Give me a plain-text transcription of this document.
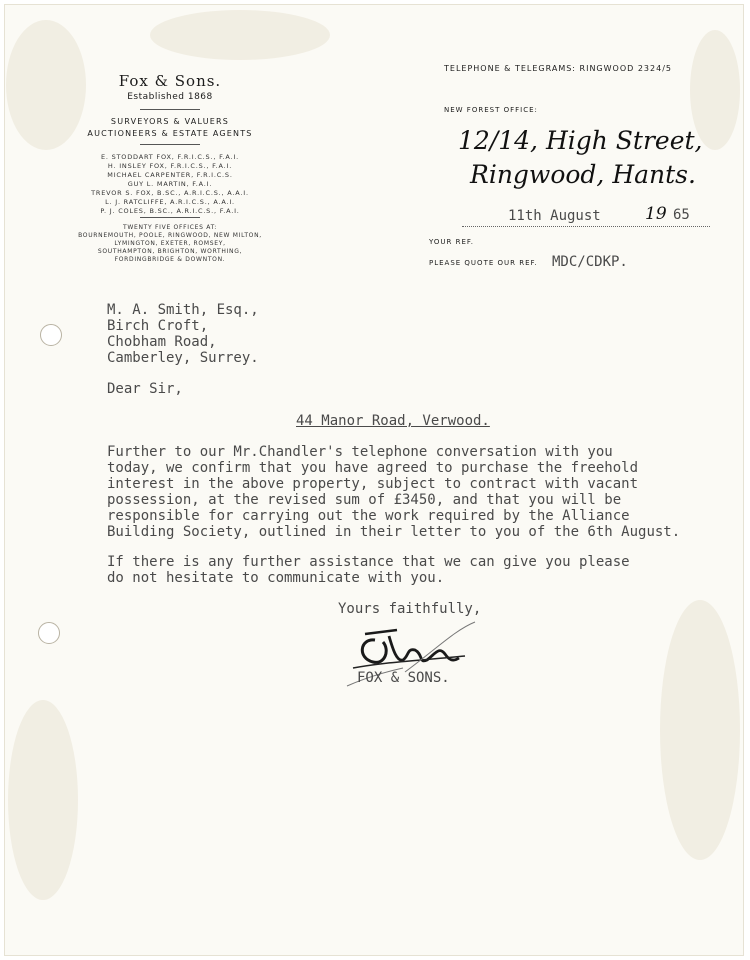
Fox & Sons.
Established 1868
SURVEYORS & VALUERS
AUCTIONEERS & ESTATE AGENTS
E. STODDART FOX, F.R.I.C.S., F.A.I.
H. INSLEY FOX, F.R.I.C.S., F.A.I.
MICHAEL CARPENTER, F.R.I.C.S.
GUY L. MARTIN, F.A.I.
TREVOR S. FOX, B.SC., A.R.I.C.S., A.A.I.
L. J. RATCLIFFE, A.R.I.C.S., A.A.I.
P. J. COLES, B.SC., A.R.I.C.S., F.A.I.
TWENTY FIVE OFFICES AT:
BOURNEMOUTH, POOLE, RINGWOOD, NEW MILTON,
LYMINGTON, EXETER, ROMSEY,
SOUTHAMPTON, BRIGHTON, WORTHING,
FORDINGBRIDGE & DOWNTON.
TELEPHONE & TELEGRAMS: RINGWOOD 2324/5
NEW FOREST OFFICE:
12/14, High Street,
Ringwood, Hants.
11th August	19 65
YOUR REF.
PLEASE QUOTE OUR REF. MDC/CDKP.
M. A. Smith, Esq.,
Birch Croft,
Chobham Road,
Camberley, Surrey.
Dear Sir,
44 Manor Road, Verwood.
Further to our Mr.Chandler's telephone conversation with you
today, we confirm that you have agreed to purchase the freehold
interest in the above property, subject to contract with vacant
possession, at the revised sum of £3450, and that you will be
responsible for carrying out the work required by the Alliance
Building Society, outlined in their letter to you of the 6th August.
If there is any further assistance that we can give you please
do not hesitate to communicate with you.
Yours faithfully,
FOX & SONS.
